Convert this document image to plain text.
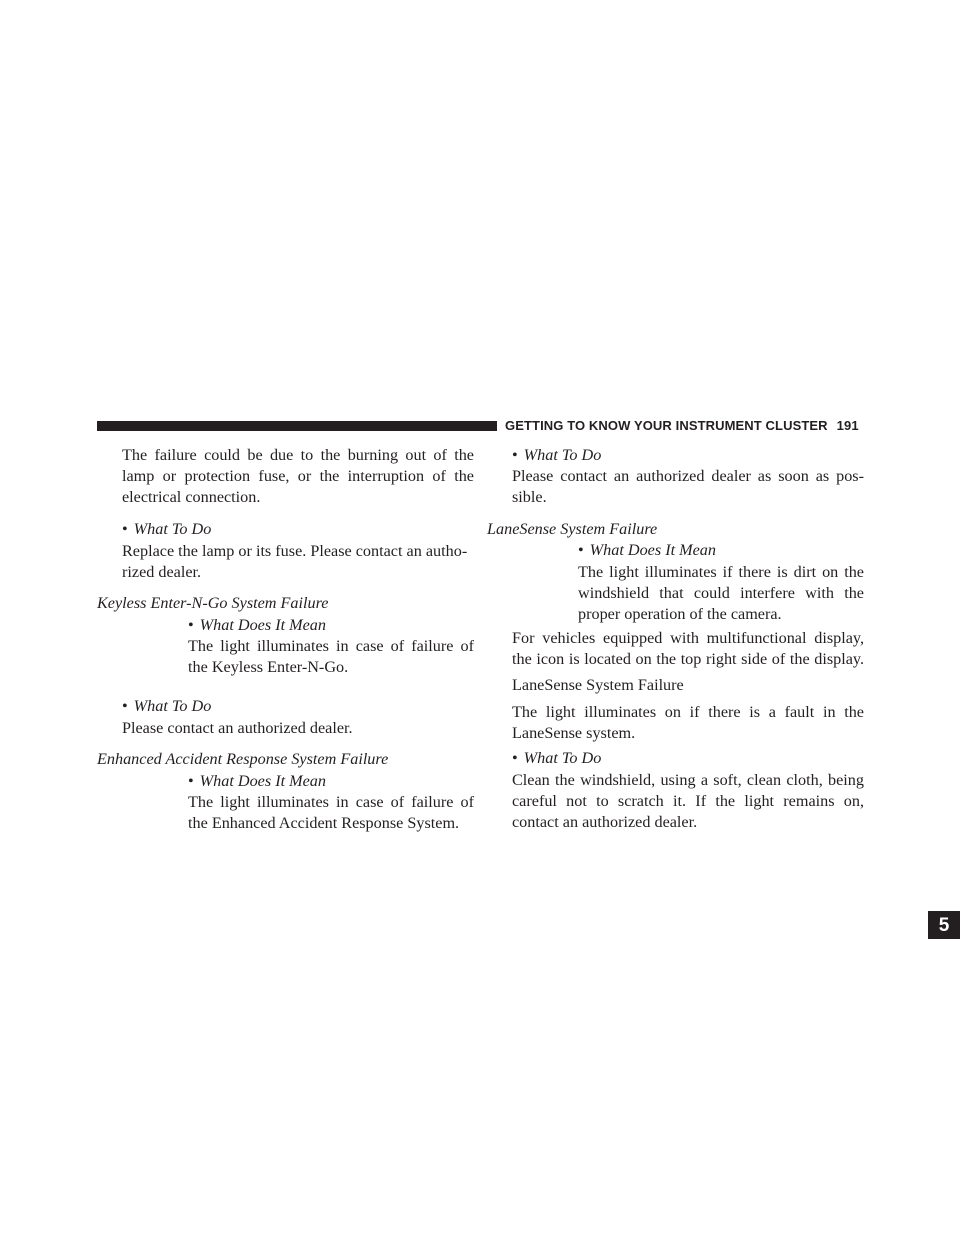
GETTING TO KNOW YOUR INSTRUMENT CLUSTER 191
5
The failure could be due to the burning out of the
lamp or protection fuse, or the interruption of the
electrical connection.
• What To Do
Replace the lamp or its fuse. Please contact an autho-
rized dealer.
Keyless Enter-N-Go System Failure
• What Does It Mean
The light illuminates in case of failure of
the Keyless Enter-N-Go.
• What To Do
Please contact an authorized dealer.
Enhanced Accident Response System Failure
• What Does It Mean
The light illuminates in case of failure of
the Enhanced Accident Response System.
• What To Do
Please contact an authorized dealer as soon as pos-
sible.
LaneSense System Failure
• What Does It Mean
The light illuminates if there is dirt on the
windshield that could interfere with the
proper operation of the camera.
For vehicles equipped with multifunctional display,
the icon is located on the top right side of the display.
LaneSense System Failure
The light illuminates on if there is a fault in the
LaneSense system.
• What To Do
Clean the windshield, using a soft, clean cloth, being
careful not to scratch it. If the light remains on,
contact an authorized dealer.
